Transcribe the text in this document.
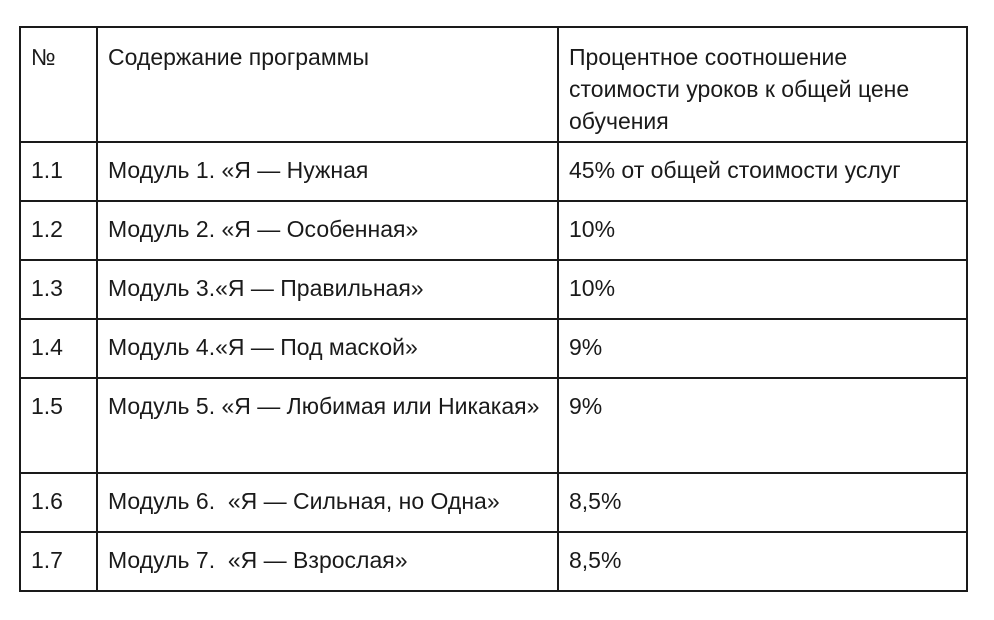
№	Содержание программы	Процентное соотношение стоимости уроков к общей цене обучения
1.1	Модуль 1. «Я — Нужная	45% от общей стоимости услуг
1.2	Модуль 2. «Я — Особенная»	10%
1.3	Модуль 3.«Я — Правильная»	10%
1.4	Модуль 4.«Я — Под маской»	9%
1.5	Модуль 5. «Я — Любимая или Никакая»	9%
1.6	Модуль 6.  «Я — Сильная, но Одна»	8,5%
1.7	Модуль 7.  «Я — Взрослая»	8,5%
